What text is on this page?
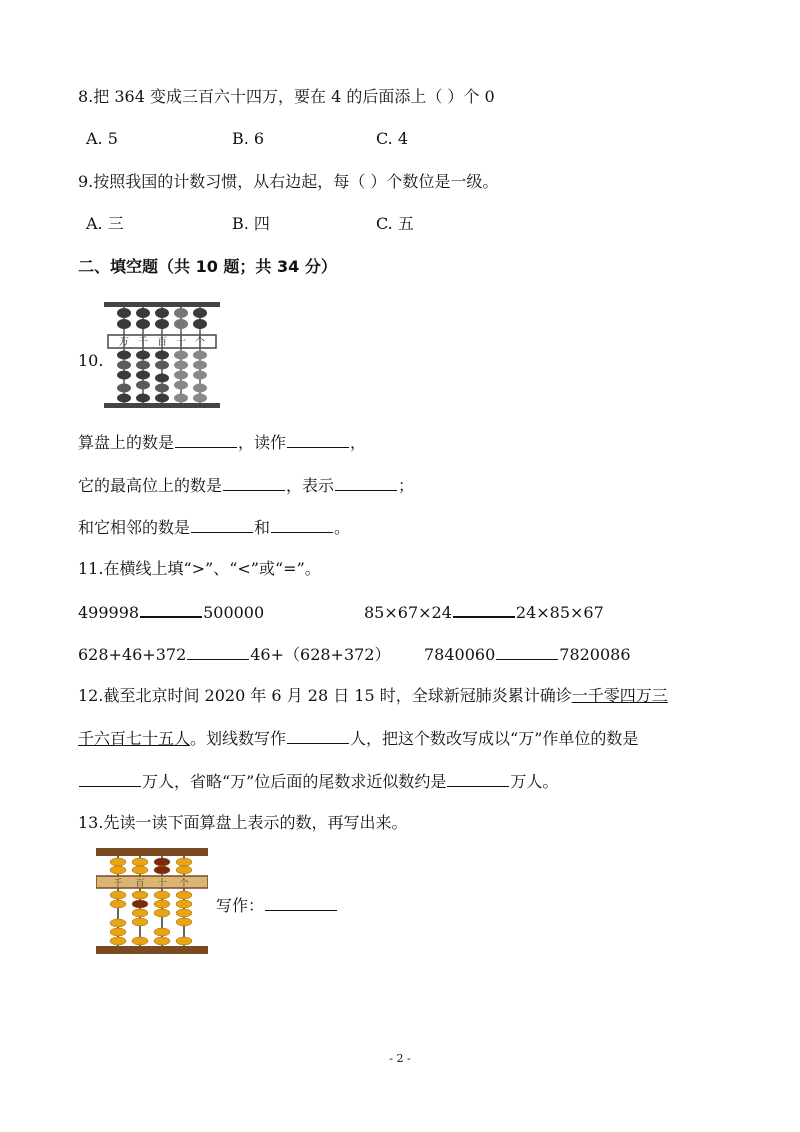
8.把 364 变成三百六十四万，要在 4 的后面添上（ ）个 0
A. 5	B. 6	C. 4
9.按照我国的计数习惯，从右边起，每（ ）个数位是一级。
A. 三	B. 四	C. 五
二、填空题（共 10 题；共 34 分）
10.
万 千 百 十 个
算盘上的数是	，读作	，
它的最高位上的数是	，表示	；
和它相邻的数是	和	。
11.在横线上填“>”、“<”或“=”。
499998	500000	85×67×24	24×85×67
628+46+372	46+（628+372） 7840060	7820086
12.截至北京时间 2020 年 6 月 28 日 15 时，全球新冠肺炎累计确诊一千零四万三
千六百七十五人。划线数写作	人，把这个数改写成以“万”作单位的数是
万人，省略“万”位后面的尾数求近似数约是	万人。
13.先读一读下面算盘上表示的数，再写出来。
千 百 十 个
写作：
- 2 -
